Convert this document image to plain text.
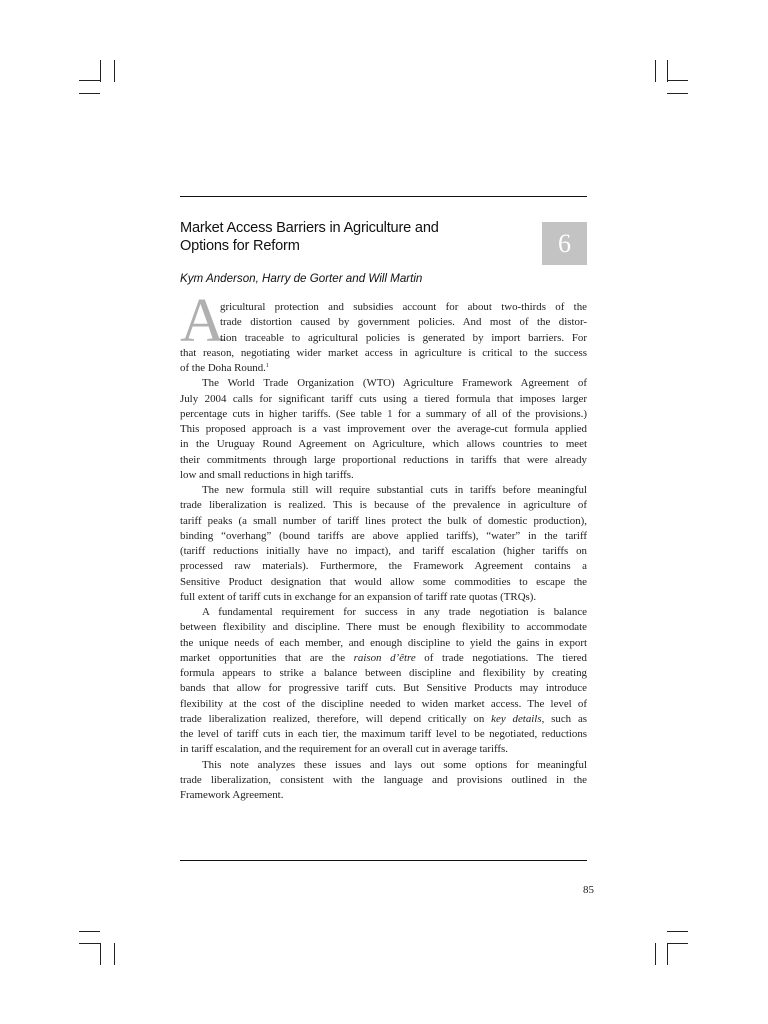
Market Access Barriers in Agriculture and
Options for Reform	6
Kym Anderson, Harry de Gorter and Will Martin
A
gricultural protection and subsidies account for about two-thirds of the
trade distortion caused by government policies. And most of the distor-
tion traceable to agricultural policies is generated by import barriers. For
that reason, negotiating wider market access in agriculture is critical to the success
of the Doha Round.$^1$
The World Trade Organization (WTO) Agriculture Framework Agreement of
July 2004 calls for significant tariff cuts using a tiered formula that imposes larger
percentage cuts in higher tariffs. (See table 1 for a summary of all of the provisions.)
This proposed approach is a vast improvement over the average-cut formula applied
in the Uruguay Round Agreement on Agriculture, which allows countries to meet
their commitments through large proportional reductions in tariffs that were already
low and small reductions in high tariffs.
The new formula still will require substantial cuts in tariffs before meaningful
trade liberalization is realized. This is because of the prevalence in agriculture of
tariff peaks (a small number of tariff lines protect the bulk of domestic production),
binding “overhang” (bound tariffs are above applied tariffs), “water” in the tariff
(tariff reductions initially have no impact), and tariff escalation (higher tariffs on
processed raw materials). Furthermore, the Framework Agreement contains a
Sensitive Product designation that would allow some commodities to escape the
full extent of tariff cuts in exchange for an expansion of tariff rate quotas (TRQs).
A fundamental requirement for success in any trade negotiation is balance
between flexibility and discipline. There must be enough flexibility to accommodate
the unique needs of each member, and enough discipline to yield the gains in export
market opportunities that are the raison d’être of trade negotiations. The tiered
formula appears to strike a balance between discipline and flexibility by creating
bands that allow for progressive tariff cuts. But Sensitive Products may introduce
flexibility at the cost of the discipline needed to widen market access. The level of
trade liberalization realized, therefore, will depend critically on key details, such as
the level of tariff cuts in each tier, the maximum tariff level to be negotiated, reductions
in tariff escalation, and the requirement for an overall cut in average tariffs.
This note analyzes these issues and lays out some options for meaningful
trade liberalization, consistent with the language and provisions outlined in the
Framework Agreement.
85
